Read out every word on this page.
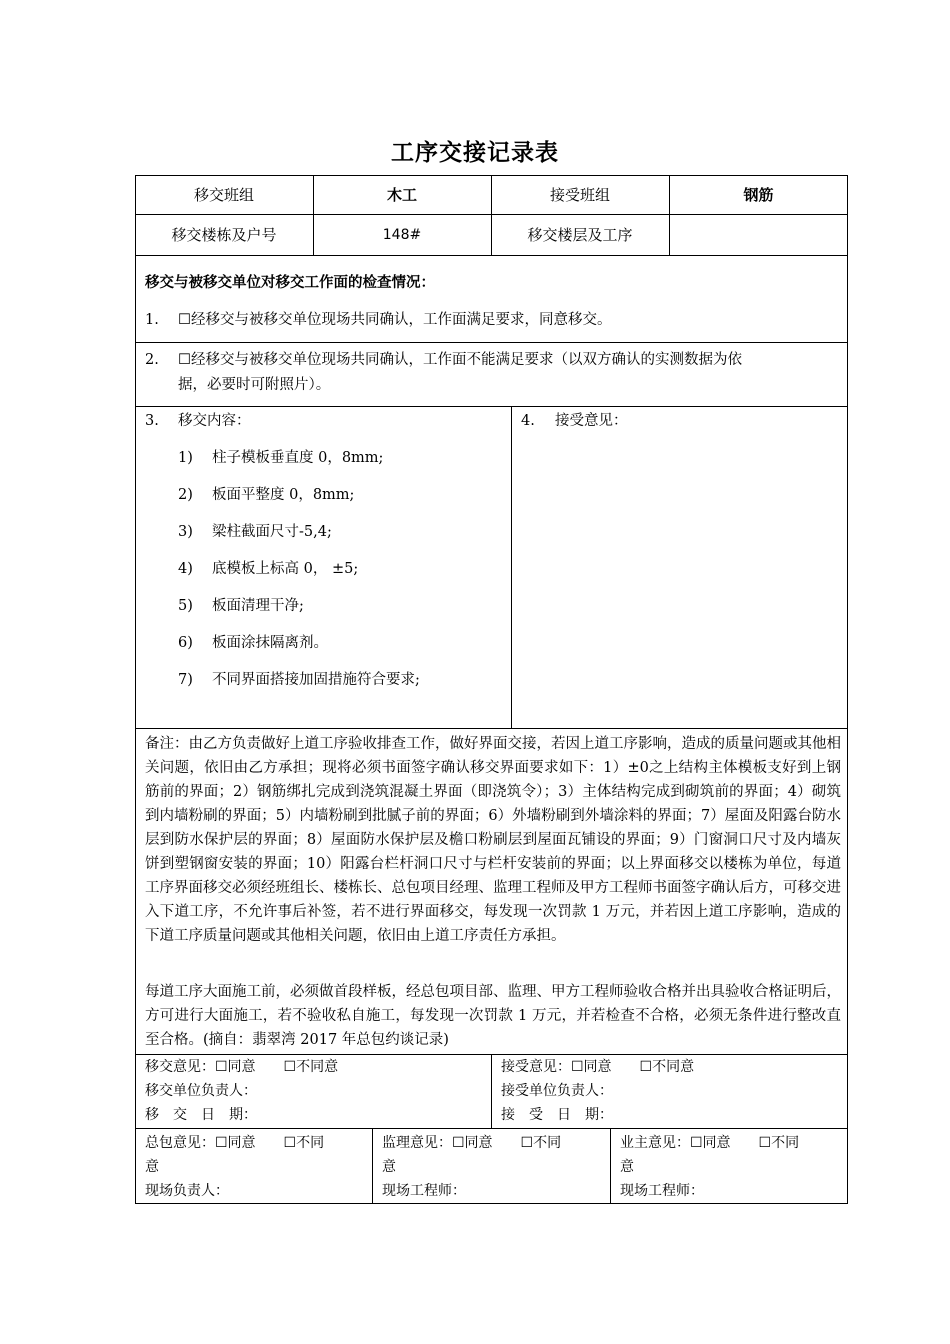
工序交接记录表
移交班组	木工	接受班组	钢筋
移交楼栋及户号	148#	移交楼层及工序
移交与被移交单位对移交工作面的检查情况：
1. ☐经移交与被移交单位现场共同确认，工作面满足要求，同意移交。
2. ☐经移交与被移交单位现场共同确认，工作面不能满足要求（以双方确认的实测数据为依
据，必要时可附照片）。
3. 移交内容：
1) 柱子模板垂直度 0，8mm;
2) 板面平整度 0，8mm;
3) 梁柱截面尺寸-5,4;
4) 底模板上标高 0， ±5;
5) 板面清理干净;
6) 板面涂抹隔离剂。
7) 不同界面搭接加固措施符合要求;
4. 接受意见：
备注：由乙方负责做好上道工序验收排查工作，做好界面交接，若因上道工序影响，造成的质量问题或其他相关问题，依旧由乙方承担；现将必须书面签字确认移交界面要求如下：1）±0之上结构主体模板支好到上钢筋前的界面；2）钢筋绑扎完成到浇筑混凝土界面（即浇筑令）；3）主体结构完成到砌筑前的界面；4）砌筑到内墙粉刷的界面；5）内墙粉刷到批腻子前的界面；6）外墙粉刷到外墙涂料的界面；7）屋面及阳露台防水层到防水保护层的界面；8）屋面防水保护层及檐口粉刷层到屋面瓦铺设的界面；9）门窗洞口尺寸及内墙灰饼到塑钢窗安装的界面；10）阳露台栏杆洞口尺寸与栏杆安装前的界面；以上界面移交以楼栋为单位，每道工序界面移交必须经班组长、楼栋长、总包项目经理、监理工程师及甲方工程师书面签字确认后方，可移交进入下道工序，不允许事后补签，若不进行界面移交，每发现一次罚款 1 万元，并若因上道工序影响，造成的下道工序质量问题或其他相关问题，依旧由上道工序责任方承担。
每道工序大面施工前，必须做首段样板，经总包项目部、监理、甲方工程师验收合格并出具验收合格证明后，方可进行大面施工，若不验收私自施工，每发现一次罚款 1 万元，并若检查不合格，必须无条件进行整改直至合格。(摘自：翡翠湾 2017 年总包约谈记录)
移交意见：☐同意　　☐不同意
移交单位负责人：
移　交　日　期：
接受意见：☐同意　　☐不同意
接受单位负责人：
接　受　日　期：
总包意见：☐同意　　☐不同
意
现场负责人：
监理意见：☐同意　　☐不同
意
现场工程师：
业主意见：☐同意　　☐不同
意
现场工程师：
